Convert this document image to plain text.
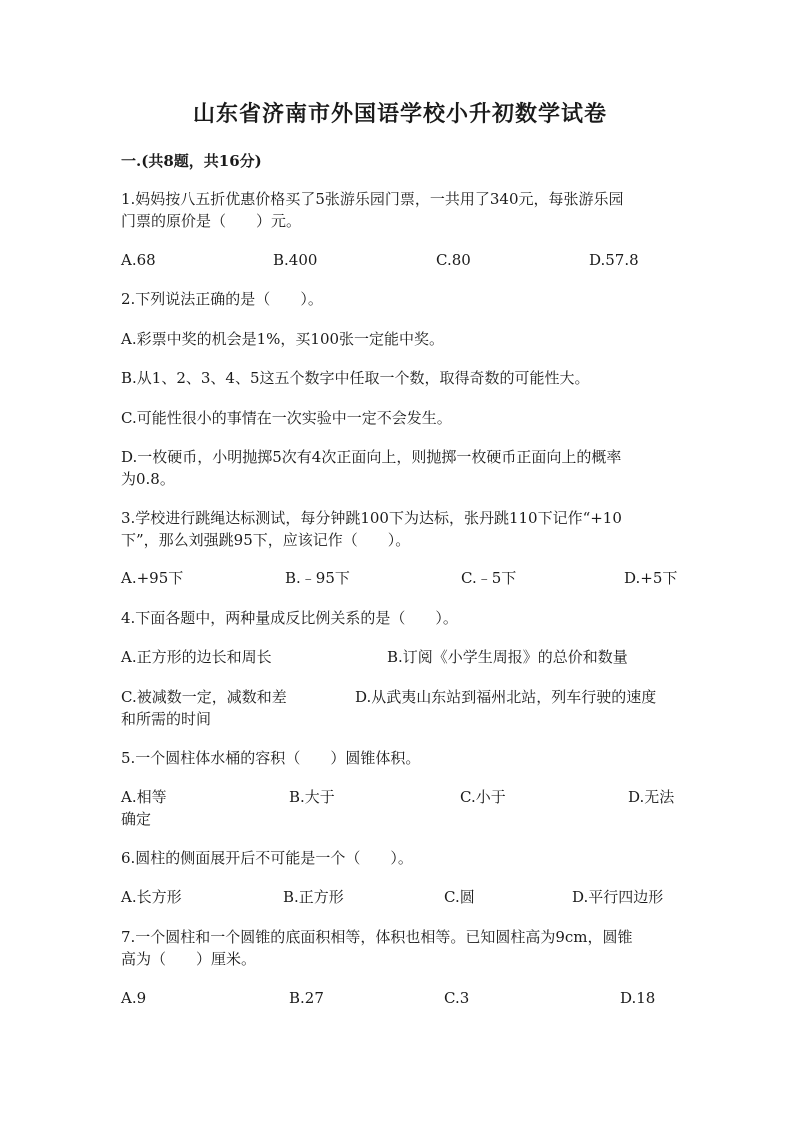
山东省济南市外国语学校小升初数学试卷
一.(共8题，共16分)
1.妈妈按八五折优惠价格买了5张游乐园门票，一共用了340元，每张游乐园
门票的原价是（　　）元。
A.68	B.400	C.80	D.57.8
2.下列说法正确的是（　　）。
A.彩票中奖的机会是1%，买100张一定能中奖。
B.从1、2、3、4、5这五个数字中任取一个数，取得奇数的可能性大。
C.可能性很小的事情在一次实验中一定不会发生。
D.一枚硬币，小明抛掷5次有4次正面向上，则抛掷一枚硬币正面向上的概率
为0.8。
3.学校进行跳绳达标测试，每分钟跳100下为达标，张丹跳110下记作“+10
下”，那么刘强跳95下，应该记作（　　）。
A.+95下	B.﹣95下	C.﹣5下	D.+5下
4.下面各题中，两种量成反比例关系的是（　　）。
A.正方形的边长和周长	B.订阅《小学生周报》的总价和数量
C.被减数一定，减数和差	D.从武夷山东站到福州北站，列车行驶的速度
和所需的时间
5.一个圆柱体水桶的容积（　　）圆锥体积。
A.相等	B.大于	C.小于	D.无法
确定
6.圆柱的侧面展开后不可能是一个（　　）。
A.长方形	B.正方形	C.圆	D.平行四边形
7.一个圆柱和一个圆锥的底面积相等，体积也相等。已知圆柱高为9cm，圆锥
高为（　　）厘米。
A.9	B.27	C.3	D.18
